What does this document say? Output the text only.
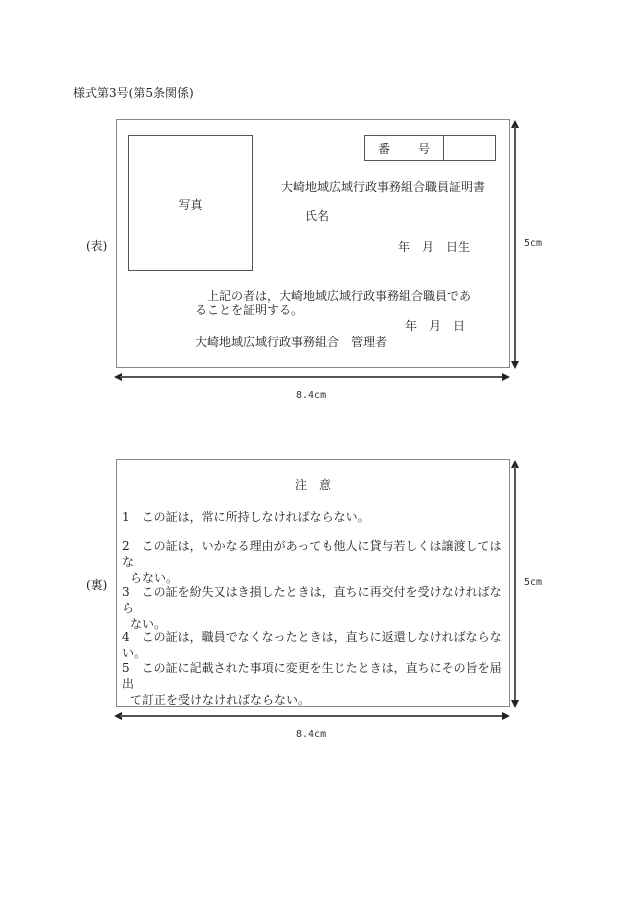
様式第3号(第5条関係)
(表)
写真
番　号
大崎地域広域行政事務組合職員証明書
氏名
年　月　日生
上記の者は，大崎地域広域行政事務組合職員であ
ることを証明する。
年　月　日
大崎地域広域行政事務組合　管理者
5cm
8.4cm
(裏)
注　意
1　 この証は，常に所持しなければならない。
2　 この証は，いかなる理由があっても他人に貸与若しくは譲渡してはな
らない。
3　 この証を紛失又はき損したときは，直ちに再交付を受けなければなら
ない。
4　 この証は，職員でなくなったときは，直ちに返還しなければならない。
5　 この証に記載された事項に変更を生じたときは，直ちにその旨を届出
て訂正を受けなければならない。
5cm
8.4cm
